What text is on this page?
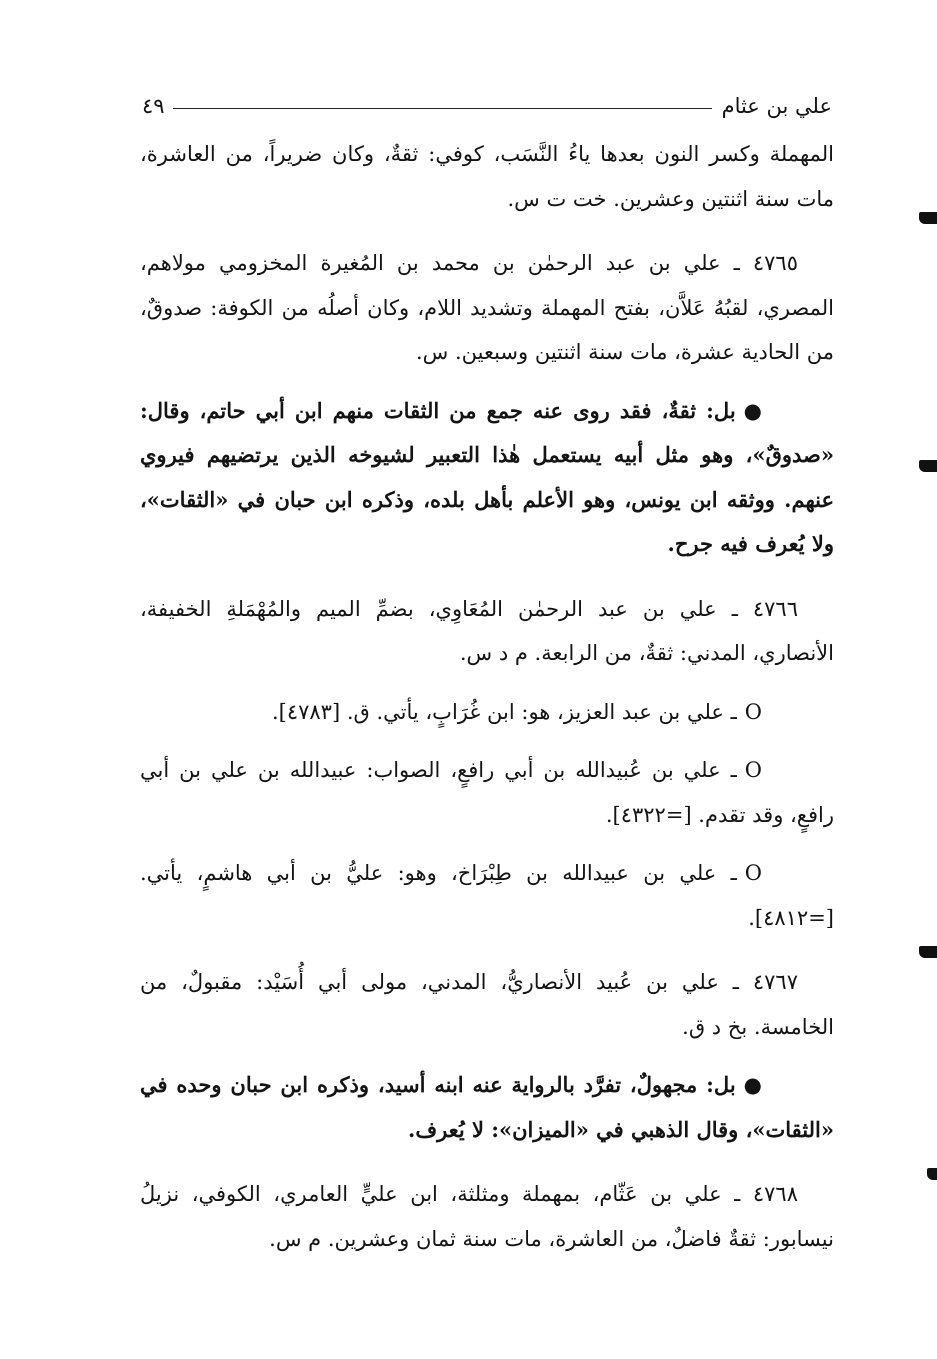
علي بن عثام
٤٩

المهملة وكسر النون بعدها ياءُ النَّسَب، كوفي: ثقةٌ، وكان ضريراً، من العاشرة، مات سنة اثنتين وعشرين. خت ت س.

٤٧٦٥ ـ علي بن عبد الرحمٰن بن محمد بن المُغيرة المخزومي مولاهم، المصري، لقبُهُ عَلاَّن، بفتح المهملة وتشديد اللام، وكان أصلُه من الكوفة: صدوقٌ، من الحادية عشرة، مات سنة اثنتين وسبعين. س.

●بل: ثقةٌ، فقد روى عنه جمع من الثقات منهم ابن أبي حاتم، وقال: «صدوقٌ»، وهو مثل أبيه يستعمل هٰذا التعبير لشيوخه الذين يرتضيهم فيروي عنهم. ووثقه ابن يونس، وهو الأعلم بأهل بلده، وذكره ابن حبان في «الثقات»، ولا يُعرف فيه جرح.

٤٧٦٦ ـ علي بن عبد الرحمٰن المُعَاوِي، بضمِّ الميم والمُهْمَلةِ الخفيفة، الأنصاري، المدني: ثقةٌ، من الرابعة. م د س.

Oـ علي بن عبد العزيز، هو: ابن غُرَابٍ، يأتي. ق. [٤٧٨٣].

Oـ علي بن عُبيدالله بن أبي رافعٍ، الصواب: عبيدالله بن علي بن أبي رافعٍ، وقد تقدم. [=٤٣٢٢].

Oـ علي بن عبيدالله بن طِبْرَاخ، وهو: عليُّ بن أبي هاشمٍ، يأتي. [=٤٨١٢].

٤٧٦٧ ـ علي بن عُبيد الأنصاريُّ، المدني، مولى أبي أُسَيْد: مقبولٌ، من الخامسة. بخ د ق.

●بل: مجهولٌ، تفرَّد بالرواية عنه ابنه أسيد، وذكره ابن حبان وحده في «الثقات»، وقال الذهبي في «الميزان»: لا يُعرف.

٤٧٦٨ ـ علي بن عَثّام، بمهملة ومثلثة، ابن عليٍّ العامري، الكوفي، نزيلُ نيسابور: ثقةٌ فاضلٌ، من العاشرة، مات سنة ثمان وعشرين. م س.
